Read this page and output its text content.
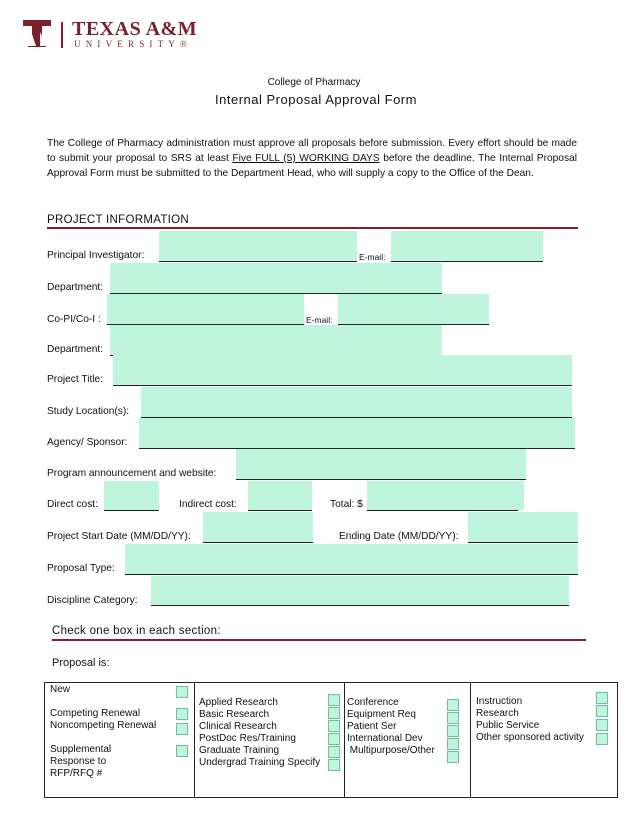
TEXAS A&M
UNIVERSITY®
College of Pharmacy
Internal Proposal Approval Form
The College of Pharmacy administration must approve all proposals before submission. Every effort should be made to submit your proposal to SRS at least Five FULL (5) WORKING DAYS before the deadline. The Internal Proposal Approval Form must be submitted to the Department Head, who will supply a copy to the Office of the Dean.
PROJECT INFORMATION
Principal Investigator:	E-mail:
Department:
Co-PI/Co-I :	E-mail:
Department:
Project Title:
Study Location(s):
Agency/ Sponsor:
Program announcement and website:
Direct cost:	Indirect cost:	Total: $
Project Start Date (MM/DD/YY):	Ending Date (MM/DD/YY):
Proposal Type:
Discipline Category:
Check one box in each section:
Proposal is:
New
Competing Renewal
Noncompeting Renewal
Supplemental
Response to
RFP/RFQ #
Applied Research
Basic Research
Clinical Research
PostDoc Res/Training
Graduate Training
Undergrad Training Specify
Conference
Equipment Req
Patient Ser
International Dev
Multipurpose/Other
Instruction
Research
Public Service
Other sponsored activity
